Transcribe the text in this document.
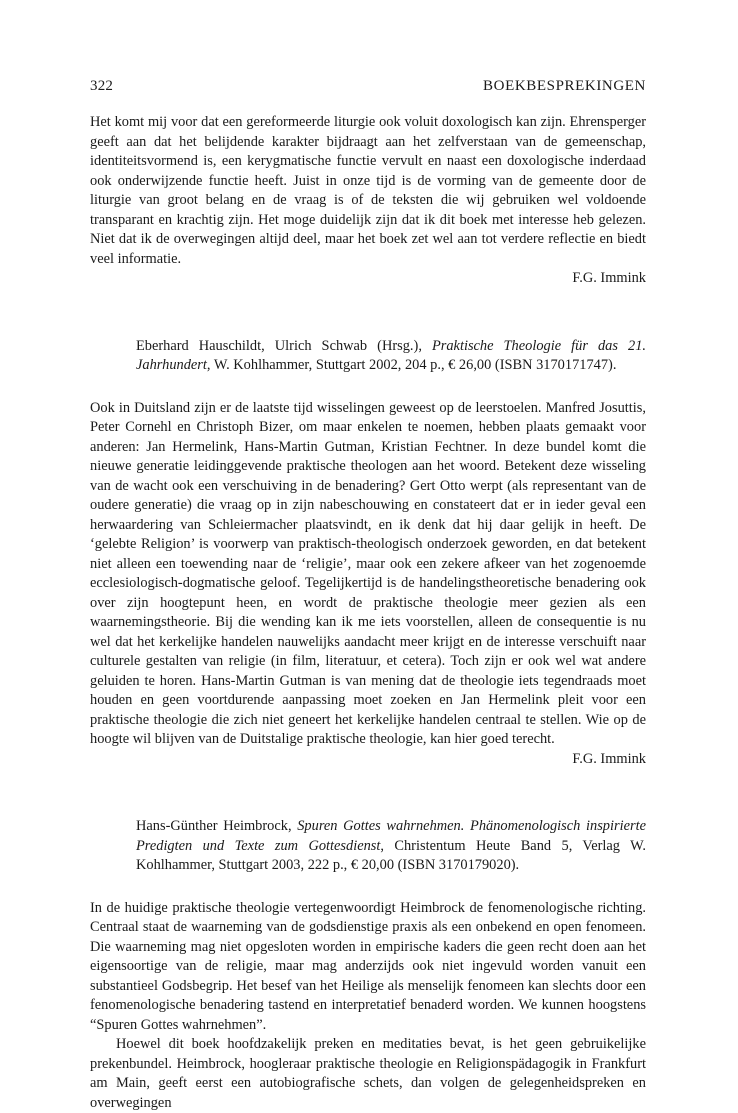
322	BOEKBESPREKINGEN

Het komt mij voor dat een gereformeerde liturgie ook voluit doxologisch kan zijn. Ehrensperger geeft aan dat het belijdende karakter bijdraagt aan het zelfverstaan van de gemeenschap, identiteitsvormend is, een kerygmatische functie vervult en naast een doxologische inderdaad ook onderwijzende functie heeft. Juist in onze tijd is de vorming van de gemeente door de liturgie van groot belang en de vraag is of de teksten die wij gebruiken wel voldoende transparant en krachtig zijn. Het moge duidelijk zijn dat ik dit boek met interesse heb gelezen. Niet dat ik de overwegingen altijd deel, maar het boek zet wel aan tot verdere reflectie en biedt veel informatie.

F.G. Immink
Eberhard Hauschildt, Ulrich Schwab (Hrsg.), Praktische Theologie für das 21. Jahrhundert, W. Kohlhammer, Stuttgart 2002, 204 p., € 26,00 (ISBN 3170171747).

Ook in Duitsland zijn er de laatste tijd wisselingen geweest op de leerstoelen. Manfred Josuttis, Peter Cornehl en Christoph Bizer, om maar enkelen te noemen, hebben plaats gemaakt voor anderen: Jan Hermelink, Hans-Martin Gutman, Kristian Fechtner. In deze bundel komt die nieuwe generatie leidinggevende praktische theologen aan het woord. Betekent deze wisseling van de wacht ook een verschuiving in de benadering? Gert Otto werpt (als representant van de oudere generatie) die vraag op in zijn nabeschouwing en constateert dat er in ieder geval een herwaardering van Schleiermacher plaatsvindt, en ik denk dat hij daar gelijk in heeft. De ‘gelebte Religion’ is voorwerp van praktisch-theologisch onderzoek geworden, en dat betekent niet alleen een toewending naar de ‘religie’, maar ook een zekere afkeer van het zogenoemde ecclesiologisch-dogmatische geloof. Tegelijkertijd is de handelingstheoretische benadering ook over zijn hoogtepunt heen, en wordt de praktische theologie meer gezien als een waarnemingstheorie. Bij die wending kan ik me iets voorstellen, alleen de consequentie is nu wel dat het kerkelijke handelen nauwelijks aandacht meer krijgt en de interesse verschuift naar culturele gestalten van religie (in film, literatuur, et cetera). Toch zijn er ook wel wat andere geluiden te horen. Hans-Martin Gutman is van mening dat de theologie iets tegendraads moet houden en geen voortdurende aanpassing moet zoeken en Jan Hermelink pleit voor een praktische theologie die zich niet geneert het kerkelijke handelen centraal te stellen. Wie op de hoogte wil blijven van de Duitstalige praktische theologie, kan hier goed terecht.

F.G. Immink
Hans-Günther Heimbrock, Spuren Gottes wahrnehmen. Phänomenologisch inspirierte Predigten und Texte zum Gottesdienst, Christentum Heute Band 5, Verlag W. Kohlhammer, Stuttgart 2003, 222 p., € 20,00 (ISBN 3170179020).

In de huidige praktische theologie vertegenwoordigt Heimbrock de fenomenologische richting. Centraal staat de waarneming van de godsdienstige praxis als een onbekend en open fenomeen. Die waarneming mag niet opgesloten worden in empirische kaders die geen recht doen aan het eigensoortige van de religie, maar mag anderzijds ook niet ingevuld worden vanuit een substantieel Godsbegrip. Het besef van het Heilige als menselijk fenomeen kan slechts door een fenomenologische benadering tastend en interpretatief benaderd worden. We kunnen hoogstens “Spuren Gottes wahrnehmen”.

Hoewel dit boek hoofdzakelijk preken en meditaties bevat, is het geen gebruikelijke prekenbundel. Heimbrock, hoogleraar praktische theologie en Religionspädagogik in Frankfurt am Main, geeft eerst een autobiografische schets, dan volgen de gelegenheidspreken en overwegingen
